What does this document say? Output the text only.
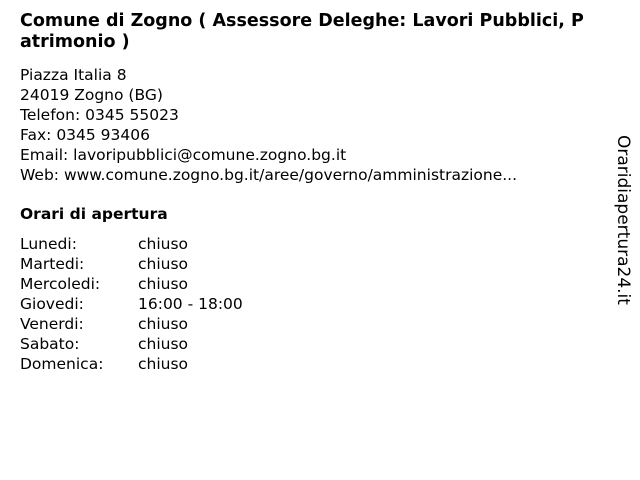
Comune di Zogno ( Assessore Deleghe: Lavori Pubblici, Patrimonio )
Piazza Italia 8
24019 Zogno (BG)
Telefon: 0345 55023
Fax: 0345 93406
Email: lavoripubblici@comune.zogno.bg.it
Web: www.comune.zogno.bg.it/aree/governo/amministrazione...
Orari di apertura
Lunedi:	chiuso
Martedi:	chiuso
Mercoledi:	chiuso
Giovedi:	16:00 - 18:00
Venerdi:	chiuso
Sabato:	chiuso
Domenica:	chiuso
Oraridiapertura24.it
